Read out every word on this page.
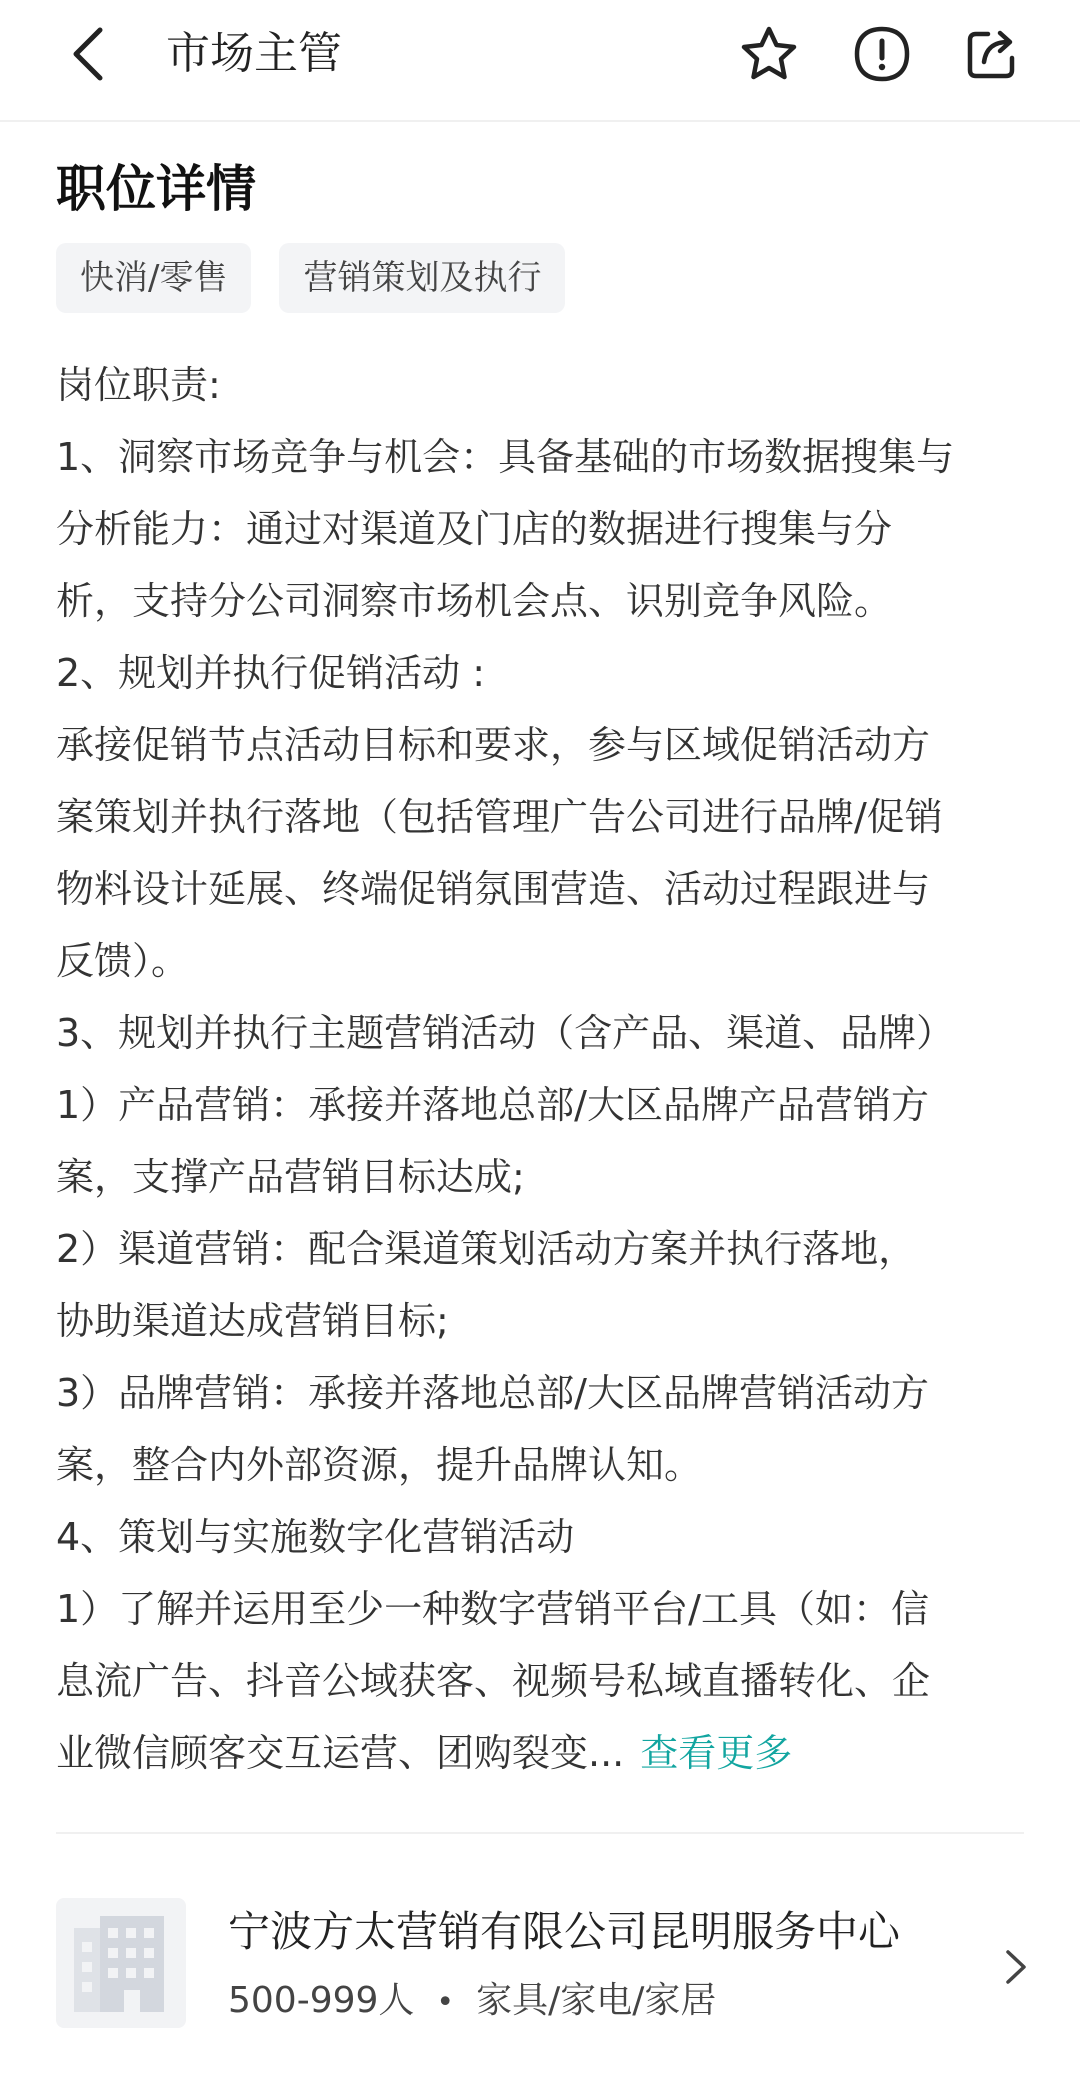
市场主管
职位详情
快消/零售	营销策划及执行
岗位职责:
1、洞察市场竞争与机会：具备基础的市场数据搜集与
分析能力：通过对渠道及门店的数据进行搜集与分
析，支持分公司洞察市场机会点、识别竞争风险。
2、规划并执行促销活动 :
承接促销节点活动目标和要求，参与区域促销活动方
案策划并执行落地（包括管理广告公司进行品牌/促销
物料设计延展、终端促销氛围营造、活动过程跟进与
反馈）。
3、规划并执行主题营销活动（含产品、渠道、品牌）
1）产品营销：承接并落地总部/大区品牌产品营销方
案，支撑产品营销目标达成;
2）渠道营销：配合渠道策划活动方案并执行落地，
协助渠道达成营销目标;
3）品牌营销：承接并落地总部/大区品牌营销活动方
案，整合内外部资源，提升品牌认知。
4、策划与实施数字化营销活动
1）了解并运用至少一种数字营销平台/工具（如：信
息流广告、抖音公域获客、视频号私域直播转化、企
业微信顾客交互运营、团购裂变... 查看更多
宁波方太营销有限公司昆明服务中心
500-999人 • 家具/家电/家居
